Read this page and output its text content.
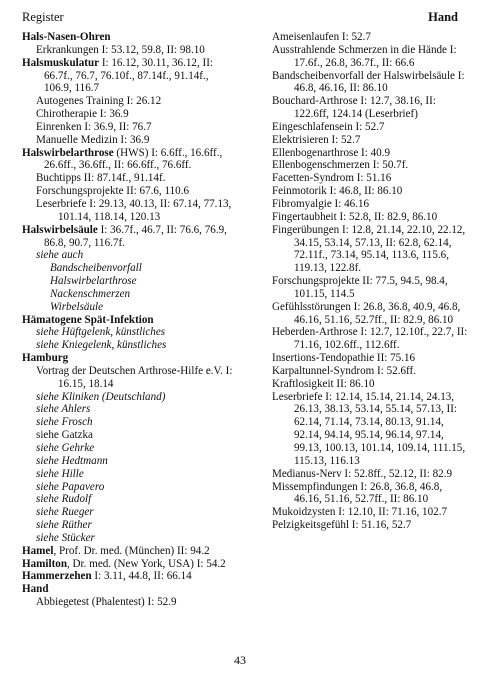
Register	Hand
Hals-Nasen-Ohren
Erkrankungen I: 53.12, 59.8, II: 98.10
Halsmuskulatur I: 16.12, 30.11, 36.12, II: 66.7f., 76.7, 76.10f., 87.14f., 91.14f., 106.9, 116.7
Autogenes Training I: 26.12
Chirotherapie I: 36.9
Einrenken I: 36.9, II: 76.7
Manuelle Medizin I: 36.9
Halswirbelarthrose (HWS) I: 6.6ff., 16.6ff., 26.6ff., 36.6ff., II: 66.6ff., 76.6ff.
Buchtipps II: 87.14f., 91.14f.
Forschungsprojekte II: 67.6, 110.6
Leserbriefe I: 29.13, 40.13, II: 67.14, 77.13, 101.14, 118.14, 120.13
Halswirbelsäule I: 36.7f., 46.7, II: 76.6, 76.9, 86.8, 90.7, 116.7f.
siehe auch
Bandscheibenvorfall
Halswirbelarthrose
Nackenschmerzen
Wirbelsäule
Hämatogene Spät-Infektion
siehe Hüftgelenk, künstliches
siehe Kniegelenk, künstliches
Hamburg
Vortrag der Deutschen Arthrose-Hilfe e.V. I: 16.15, 18.14
siehe Kliniken (Deutschland)
siehe Ahlers
siehe Frosch
siehe Gatzka
siehe Gehrke
siehe Hedtmann
siehe Hille
siehe Papavero
siehe Rudolf
siehe Rueger
siehe Rüther
siehe Stücker
Hamel, Prof. Dr. med. (München) II: 94.2
Hamilton, Dr. med. (New York, USA) I: 54.2
Hammerzehen I: 3.11, 44.8, II: 66.14
Hand
Abbiegetest (Phalentest) I: 52.9
Ameisenlaufen I: 52.7
Ausstrahlende Schmerzen in die Hände I: 17.6f., 26.8, 36.7f., II: 66.6
Bandscheibenvorfall der Halswirbelsäule I: 46.8, 46.16, II: 86.10
Bouchard-Arthrose I: 12.7, 38.16, II: 122.6ff, 124.14 (Leserbrief)
Eingeschlafensein I: 52.7
Elektrisieren I: 52.7
Ellenbogenarthrose I: 40.9
Ellenbogenschmerzen I: 50.7f.
Facetten-Syndrom I: 51.16
Feinmotorik I: 46.8, II: 86.10
Fibromyalgie I: 46.16
Fingertaubheit I: 52.8, II: 82.9, 86.10
Fingerübungen I: 12.8, 21.14, 22.10, 22.12, 34.15, 53.14, 57.13, II: 62.8, 62.14, 72.11f., 73.14, 95.14, 113.6, 115.6, 119.13, 122.8f.
Forschungsprojekte II: 77.5, 94.5, 98.4, 101.15, 114.5
Gefühlsstörungen I: 26.8, 36.8, 40.9, 46.8, 46.16, 51.16, 52.7ff., II: 82.9, 86.10
Heberden-Arthrose I: 12.7, 12.10f., 22.7, II: 71.16, 102.6ff., 112.6ff.
Insertions-Tendopathie II: 75.16
Karpaltunnel-Syndrom I: 52.6ff.
Kraftlosigkeit II: 86.10
Leserbriefe I: 12.14, 15.14, 21.14, 24.13, 26.13, 38.13, 53.14, 55.14, 57.13, II: 62.14, 71.14, 73.14, 80.13, 91.14, 92.14, 94.14, 95.14, 96.14, 97.14, 99.13, 100.13, 101.14, 109.14, 111.15, 115.13, 116.13
Medianus-Nerv I: 52.8ff., 52.12, II: 82.9
Missempfindungen I: 26.8, 36.8, 46.8, 46.16, 51.16, 52.7ff., II: 86.10
Mukoidzysten I: 12.10, II: 71.16, 102.7
Pelzigkeitsgefühl I: 51.16, 52.7
43
